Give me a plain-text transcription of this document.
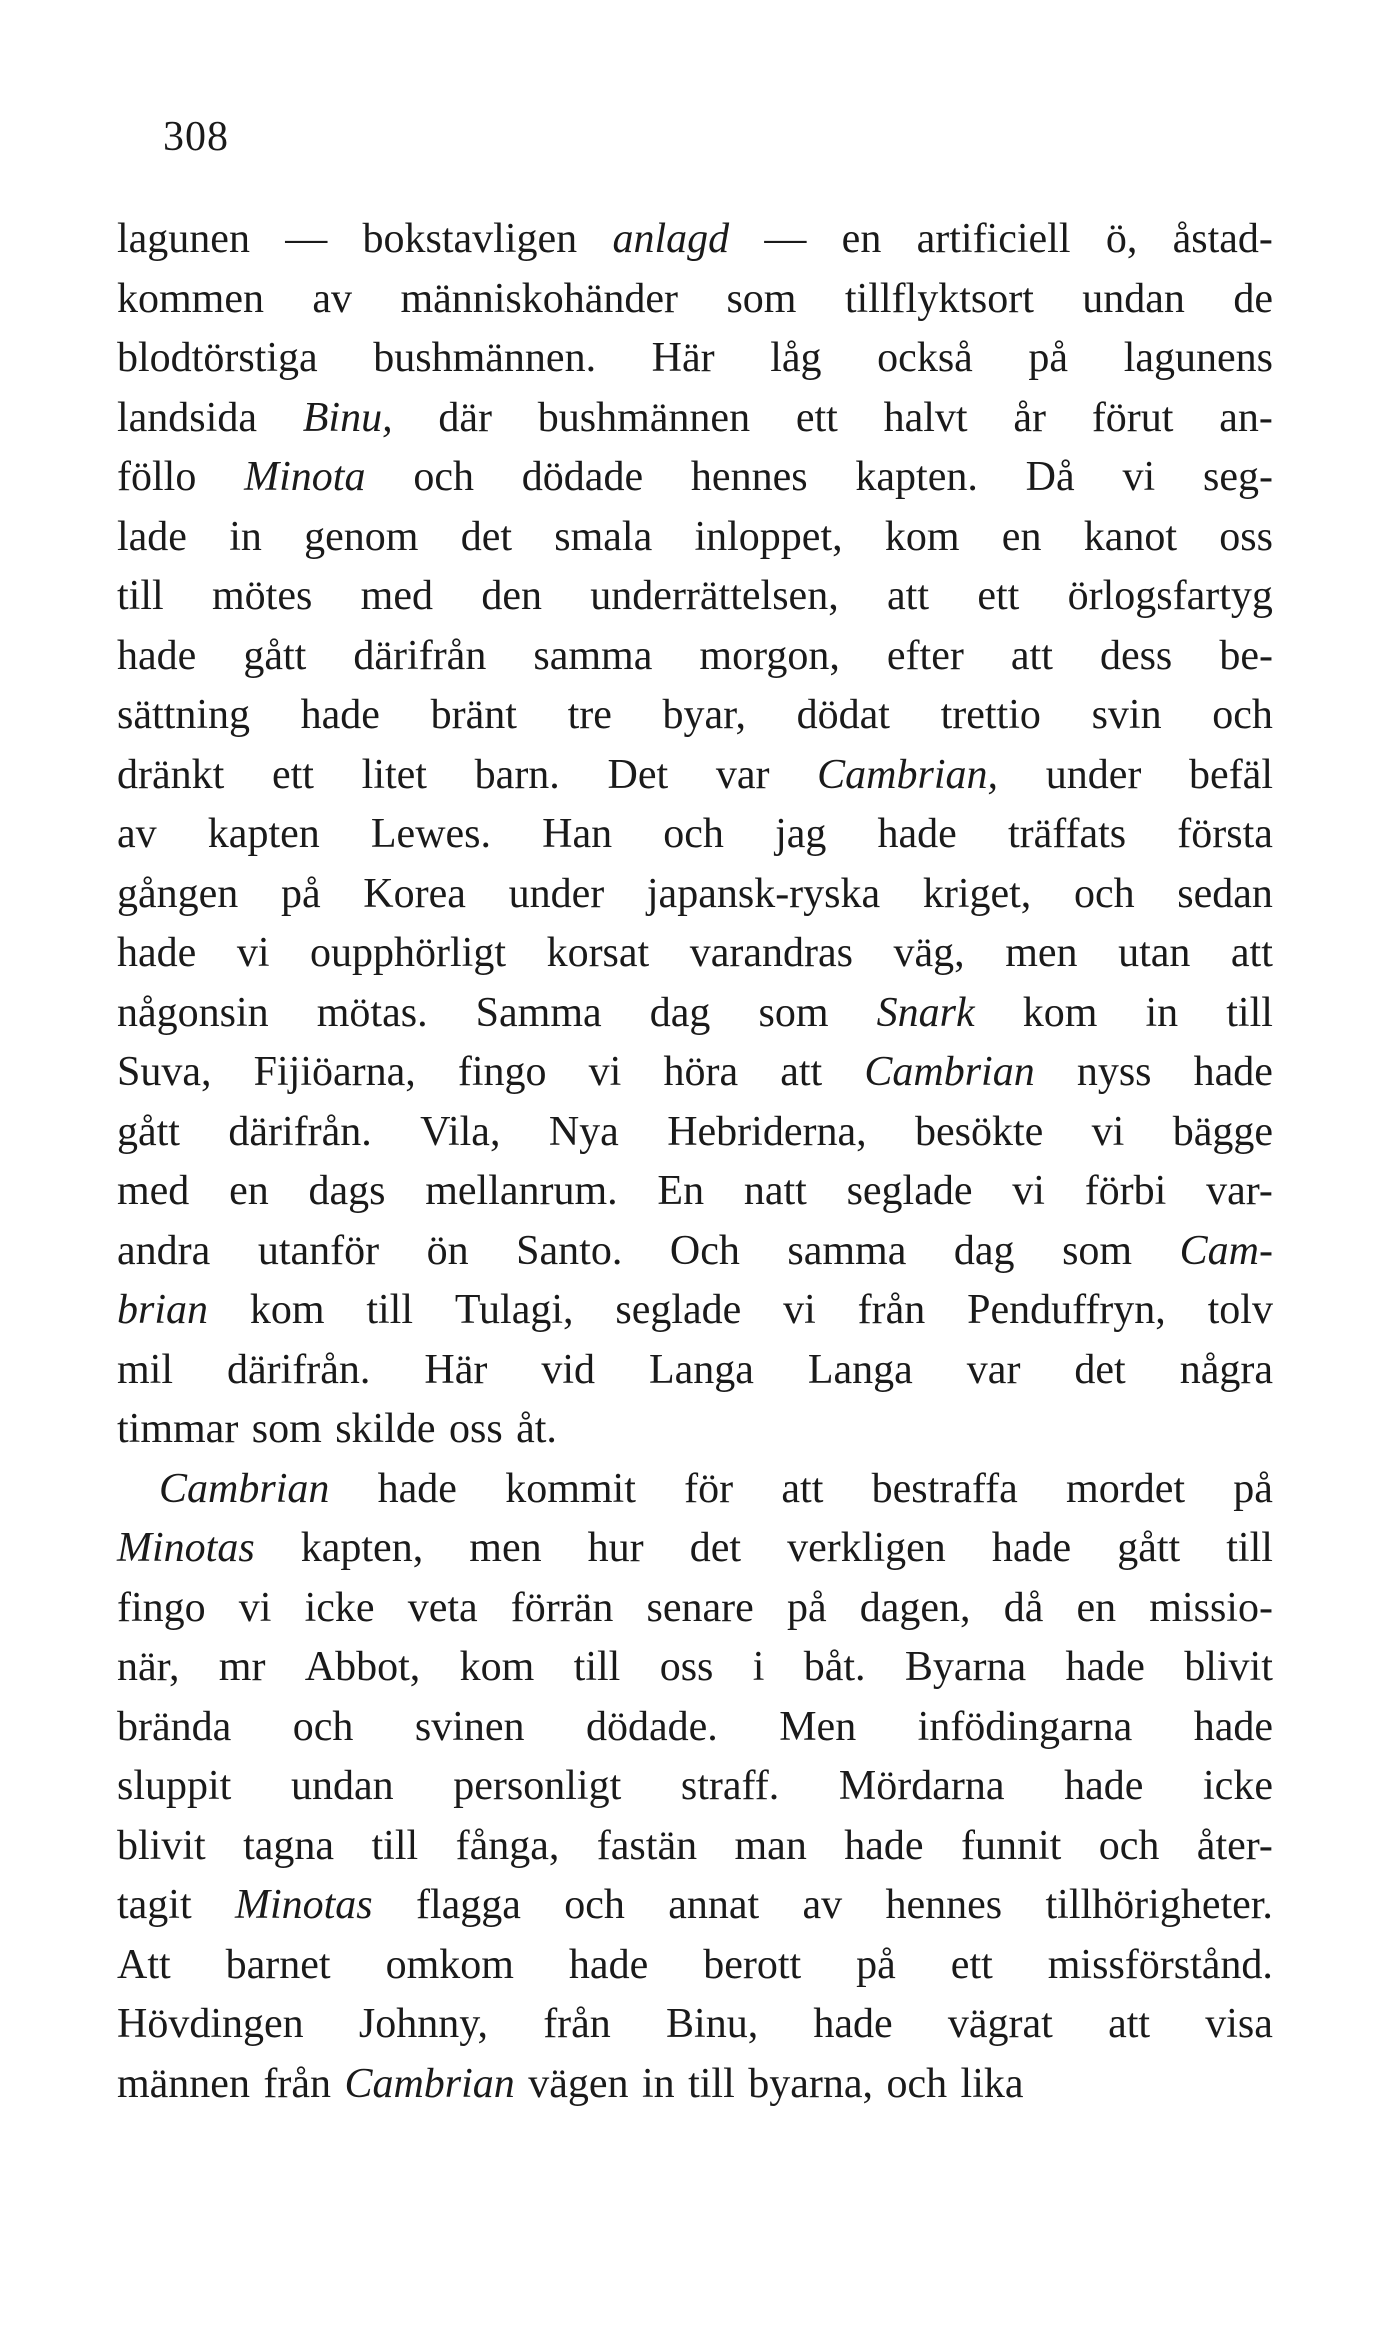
308
lagunen — bokstavligen anlagd — en artificiell ö, åstad-
kommen av människohänder som tillflyktsort undan de
blodtörstiga bushmännen. Här låg också på lagunens
landsida Binu, där bushmännen ett halvt år förut an-
föllo Minota och dödade hennes kapten. Då vi seg-
lade in genom det smala inloppet, kom en kanot oss
till mötes med den underrättelsen, att ett örlogsfartyg
hade gått därifrån samma morgon, efter att dess be-
sättning hade bränt tre byar, dödat trettio svin och
dränkt ett litet barn. Det var Cambrian, under befäl
av kapten Lewes. Han och jag hade träffats första
gången på Korea under japansk-ryska kriget, och sedan
hade vi oupphörligt korsat varandras väg, men utan att
någonsin mötas. Samma dag som Snark kom in till
Suva, Fijiöarna, fingo vi höra att Cambrian nyss hade
gått därifrån. Vila, Nya Hebriderna, besökte vi bägge
med en dags mellanrum. En natt seglade vi förbi var-
andra utanför ön Santo. Och samma dag som Cam-
brian kom till Tulagi, seglade vi från Penduffryn, tolv
mil därifrån. Här vid Langa Langa var det några
timmar som skilde oss åt.
Cambrian hade kommit för att bestraffa mordet på
Minotas kapten, men hur det verkligen hade gått till
fingo vi icke veta förrän senare på dagen, då en missio-
när, mr Abbot, kom till oss i båt. Byarna hade blivit
brända och svinen dödade. Men infödingarna hade
sluppit undan personligt straff. Mördarna hade icke
blivit tagna till fånga, fastän man hade funnit och åter-
tagit Minotas flagga och annat av hennes tillhörigheter.
Att barnet omkom hade berott på ett missförstånd.
Hövdingen Johnny, från Binu, hade vägrat att visa
männen från Cambrian vägen in till byarna, och lika
